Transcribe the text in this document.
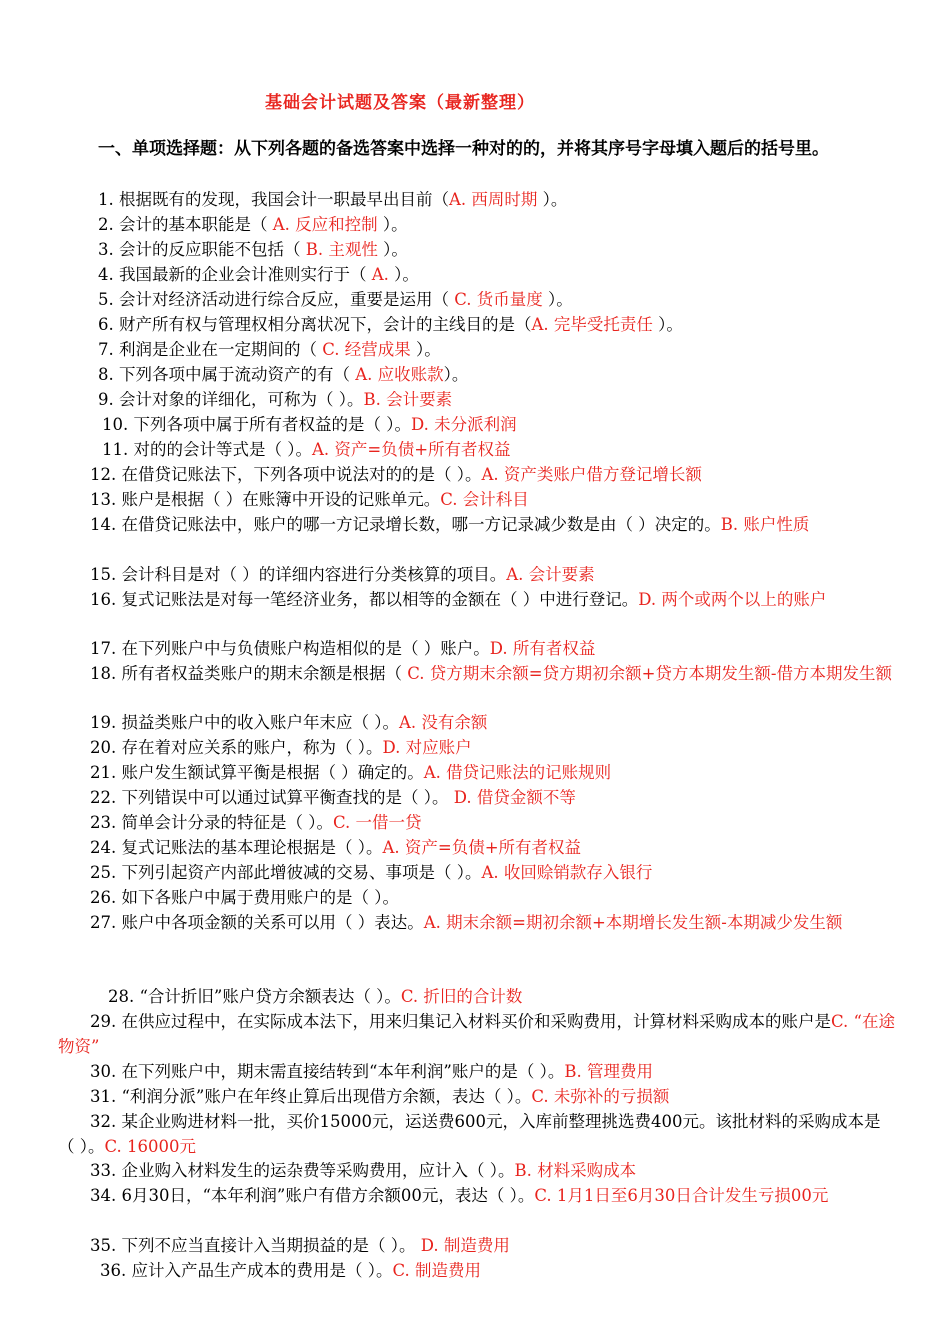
基础会计试题及答案（最新整理）
一、单项选择题：从下列各题的备选答案中选择一种对的的，并将其序号字母填入题后的括号里。
1. 根据既有的发现，我国会计一职最早出目前（A. 西周时期 ）。
2. 会计的基本职能是（ A. 反应和控制 ）。
3. 会计的反应职能不包括（ B. 主观性 ）。
4. 我国最新的企业会计准则实行于（ A. ）。
5. 会计对经济活动进行综合反应，重要是运用（ C. 货币量度 ）。
6. 财产所有权与管理权相分离状况下，会计的主线目的是（A. 完毕受托责任 ）。
7. 利润是企业在一定期间的（ C. 经营成果 ）。
8. 下列各项中属于流动资产的有（ A. 应收账款）。
9. 会计对象的详细化，可称为（ ）。B. 会计要素
10. 下列各项中属于所有者权益的是（ ）。D. 未分派利润
11. 对的的会计等式是（ ）。A. 资产=负债+所有者权益
12. 在借贷记账法下，下列各项中说法对的的是（ ）。A. 资产类账户借方登记增长额
13. 账户是根据（ ）在账簿中开设的记账单元。C. 会计科目
14. 在借贷记账法中，账户的哪一方记录增长数，哪一方记录减少数是由（ ）决定的。B. 账户性质
15. 会计科目是对（ ）的详细内容进行分类核算的项目。A. 会计要素
16. 复式记账法是对每一笔经济业务，都以相等的金额在（ ）中进行登记。D. 两个或两个以上的账户
17. 在下列账户中与负债账户构造相似的是（ ）账户。D. 所有者权益
18. 所有者权益类账户的期末余额是根据（ C. 贷方期末余额=贷方期初余额+贷方本期发生额-借方本期发生额
19. 损益类账户中的收入账户年末应（ ）。A. 没有余额
20. 存在着对应关系的账户，称为（ ）。D. 对应账户
21. 账户发生额试算平衡是根据（ ）确定的。A. 借贷记账法的记账规则
22. 下列错误中可以通过试算平衡查找的是（ ）。 D. 借贷金额不等
23. 简单会计分录的特征是（ ）。C. 一借一贷
24. 复式记账法的基本理论根据是（ ）。A. 资产=负债+所有者权益
25. 下列引起资产内部此增彼减的交易、事项是（ ）。A. 收回赊销款存入银行
26. 如下各账户中属于费用账户的是（ ）。
27. 账户中各项金额的关系可以用（ ）表达。A. 期末余额=期初余额+本期增长发生额-本期减少发生额
28. “合计折旧”账户贷方余额表达（ ）。C. 折旧的合计数
29. 在供应过程中，在实际成本法下，用来归集记入材料买价和采购费用，计算材料采购成本的账户是C. “在途物资”
30. 在下列账户中，期末需直接结转到“本年利润”账户的是（ ）。B. 管理费用
31. “利润分派”账户在年终止算后出现借方余额，表达（ ）。C. 未弥补的亏损额
32. 某企业购进材料一批，买价15000元，运送费600元，入库前整理挑选费400元。该批材料的采购成本是（ ）。C. 16000元
33. 企业购入材料发生的运杂费等采购费用，应计入（ ）。B. 材料采购成本
34. 6月30日，“本年利润”账户有借方余额00元，表达（ ）。C. 1月1日至6月30日合计发生亏损00元
35. 下列不应当直接计入当期损益的是（ ）。 D. 制造费用
36. 应计入产品生产成本的费用是（ ）。C. 制造费用
